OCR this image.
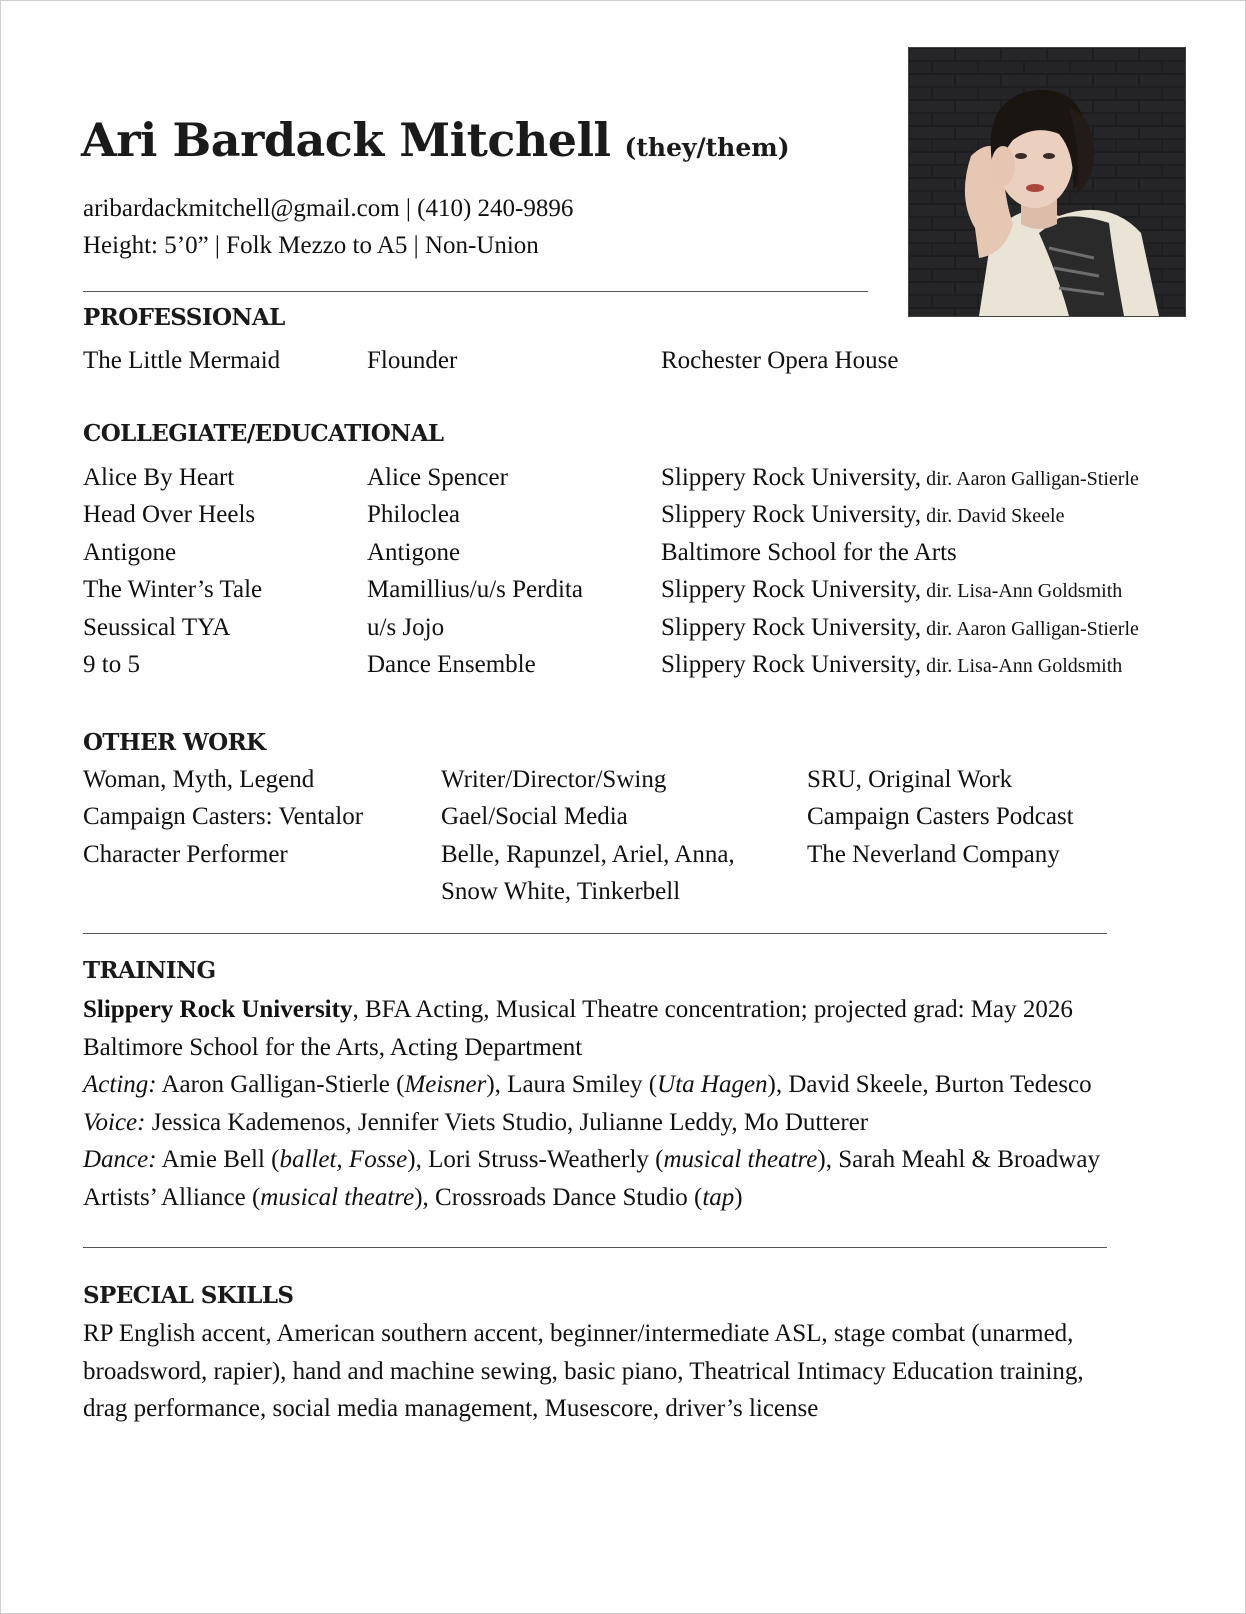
Ari Bardack Mitchell (they/them)
aribardackmitchell@gmail.com | (410) 240-9896
Height: 5’0” | Folk Mezzo to A5 | Non-Union
PROFESSIONAL
The Little Mermaid	Flounder	Rochester Opera House
COLLEGIATE/EDUCATIONAL
Alice By Heart	Alice Spencer	Slippery Rock University, dir. Aaron Galligan-Stierle
Head Over Heels	Philoclea	Slippery Rock University, dir. David Skeele
Antigone	Antigone	Baltimore School for the Arts
The Winter’s Tale	Mamillius/u/s Perdita	Slippery Rock University, dir. Lisa-Ann Goldsmith
Seussical TYA	u/s Jojo	Slippery Rock University, dir. Aaron Galligan-Stierle
9 to 5	Dance Ensemble	Slippery Rock University, dir. Lisa-Ann Goldsmith
OTHER WORK
Woman, Myth, Legend	Writer/Director/Swing	SRU, Original Work
Campaign Casters: Ventalor	Gael/Social Media	Campaign Casters Podcast
Character Performer	Belle, Rapunzel, Ariel, Anna,	The Neverland Company
Snow White, Tinkerbell
TRAINING
Slippery Rock University, BFA Acting, Musical Theatre concentration; projected grad: May 2026
Baltimore School for the Arts, Acting Department
Acting: Aaron Galligan-Stierle (Meisner), Laura Smiley (Uta Hagen), David Skeele, Burton Tedesco
Voice: Jessica Kademenos, Jennifer Viets Studio, Julianne Leddy, Mo Dutterer
Dance: Amie Bell (ballet, Fosse), Lori Struss-Weatherly (musical theatre), Sarah Meahl & Broadway
Artists’ Alliance (musical theatre), Crossroads Dance Studio (tap)
SPECIAL SKILLS
RP English accent, American southern accent, beginner/intermediate ASL, stage combat (unarmed,
broadsword, rapier), hand and machine sewing, basic piano, Theatrical Intimacy Education training,
drag performance, social media management, Musescore, driver’s license
